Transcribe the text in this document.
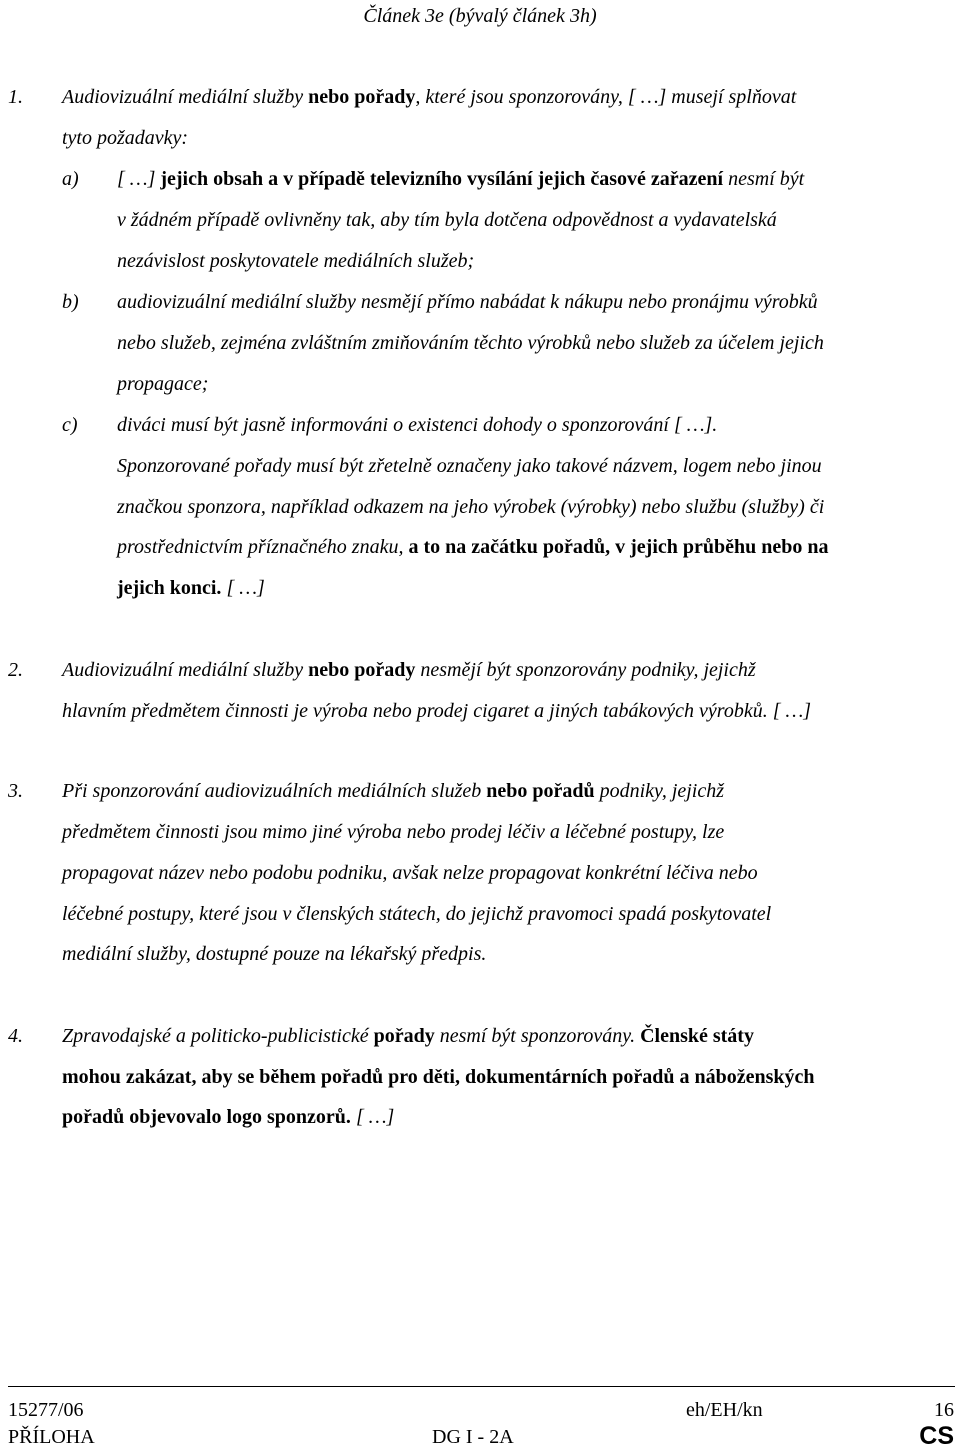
Článek 3e (bývalý článek 3h)
1. Audiovizuální mediální služby nebo pořady, které jsou sponzorovány, [ …] musejí splňovat
tyto požadavky:
a) [ …] jejich obsah a v případě televizního vysílání jejich časové zařazení nesmí být
v žádném případě ovlivněny tak, aby tím byla dotčena odpovědnost a vydavatelská
nezávislost poskytovatele mediálních služeb;
b) audiovizuální mediální služby nesmějí přímo nabádat k nákupu nebo pronájmu výrobků
nebo služeb, zejména zvláštním zmiňováním těchto výrobků nebo služeb za účelem jejich
propagace;
c) diváci musí být jasně informováni o existenci dohody o sponzorování [ …].
Sponzorované pořady musí být zřetelně označeny jako takové názvem, logem nebo jinou
značkou sponzora, například odkazem na jeho výrobek (výrobky) nebo službu (služby) či
prostřednictvím příznačného znaku, a to na začátku pořadů, v jejich průběhu nebo na
jejich konci. [ …]
2. Audiovizuální mediální služby nebo pořady nesmějí být sponzorovány podniky, jejichž
hlavním předmětem činnosti je výroba nebo prodej cigaret a jiných tabákových výrobků. [ …]
3. Při sponzorování audiovizuálních mediálních služeb nebo pořadů podniky, jejichž
předmětem činnosti jsou mimo jiné výroba nebo prodej léčiv a léčebné postupy, lze
propagovat název nebo podobu podniku, avšak nelze propagovat konkrétní léčiva nebo
léčebné postupy, které jsou v členských státech, do jejichž pravomoci spadá poskytovatel
mediální služby, dostupné pouze na lékařský předpis.
4. Zpravodajské a politicko-publicistické pořady nesmí být sponzorovány. Členské státy
mohou zakázat, aby se během pořadů pro děti, dokumentárních pořadů a náboženských
pořadů objevovalo logo sponzorů. [ …]
15277/06	eh/EH/kn	16
PŘÍLOHA	DG I - 2A	CS
